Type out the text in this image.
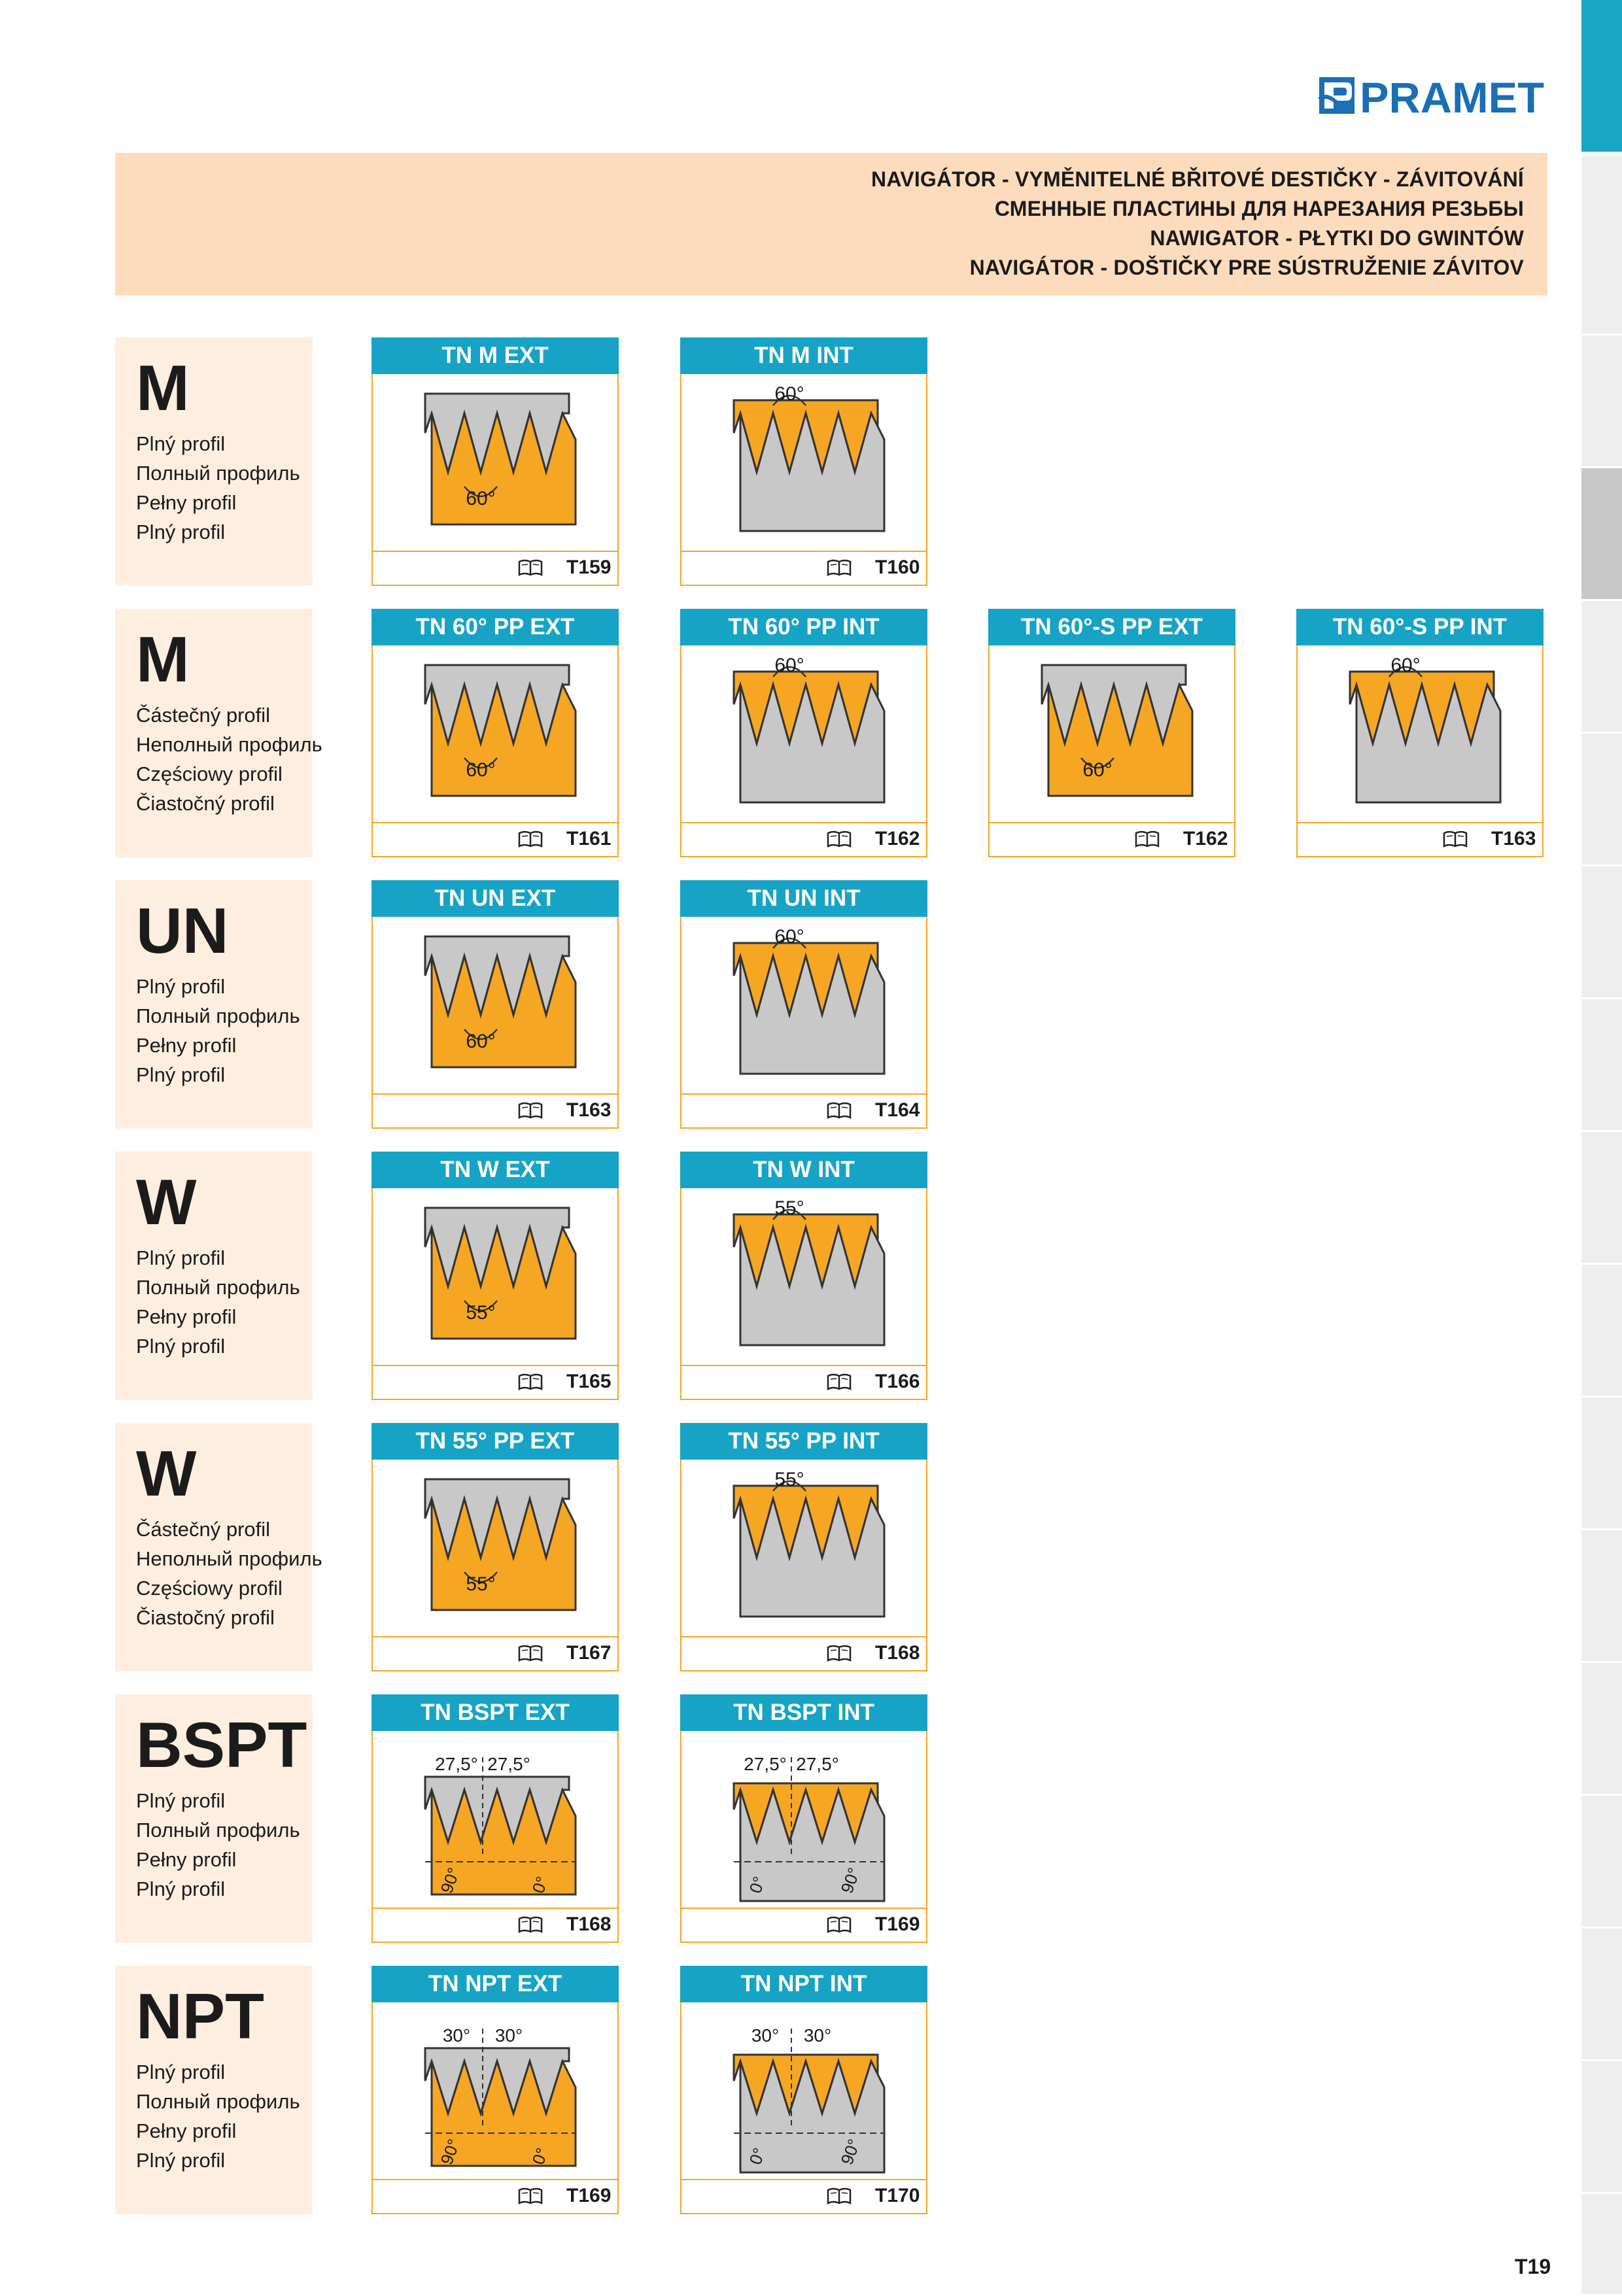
PRAMET
NAVIGÁTOR - VYMĚNITELNÉ BŘITOVÉ DESTIČKY - ZÁVITOVÁNÍ
СМЕННЫЕ ПЛАСТИНЫ ДЛЯ НАРЕЗАНИЯ РЕЗЬБЫ
NAWIGATOR - PŁYTKI DO GWINTÓW
NAVIGÁTOR - DOŠTIČKY PRE SÚSTRUŽENIE ZÁVITOV
M
Plný profil
Полный профиль
Pełny profil
Plný profil
TN M EXT
60°
T159
TN M INT
60°
T160
M
Částečný profil
Неполный профиль
Częściowy profil
Čiastočný profil
TN 60° PP EXT
60°
T161
TN 60° PP INT
60°
T162
TN 60°-S PP EXT
60°
T162
TN 60°-S PP INT
60°
T163
UN
Plný profil
Полный профиль
Pełny profil
Plný profil
TN UN EXT
60°
T163
TN UN INT
60°
T164
W
Plný profil
Полный профиль
Pełny profil
Plný profil
TN W EXT
55°
T165
TN W INT
55°
T166
W
Částečný profil
Неполный профиль
Częściowy profil
Čiastočný profil
TN 55° PP EXT
55°
T167
TN 55° PP INT
55°
T168
BSPT
Plný profil
Полный профиль
Pełny profil
Plný profil
TN BSPT EXT
27,5° 27,5°
90°	0°
T168
TN BSPT INT
27,5° 27,5°
0°	90°
T169
NPT
Plný profil
Полный профиль
Pełny profil
Plný profil
TN NPT EXT
30° 30°
90°	0°
T169
TN NPT INT
30° 30°
0°	90°
T170
T19
